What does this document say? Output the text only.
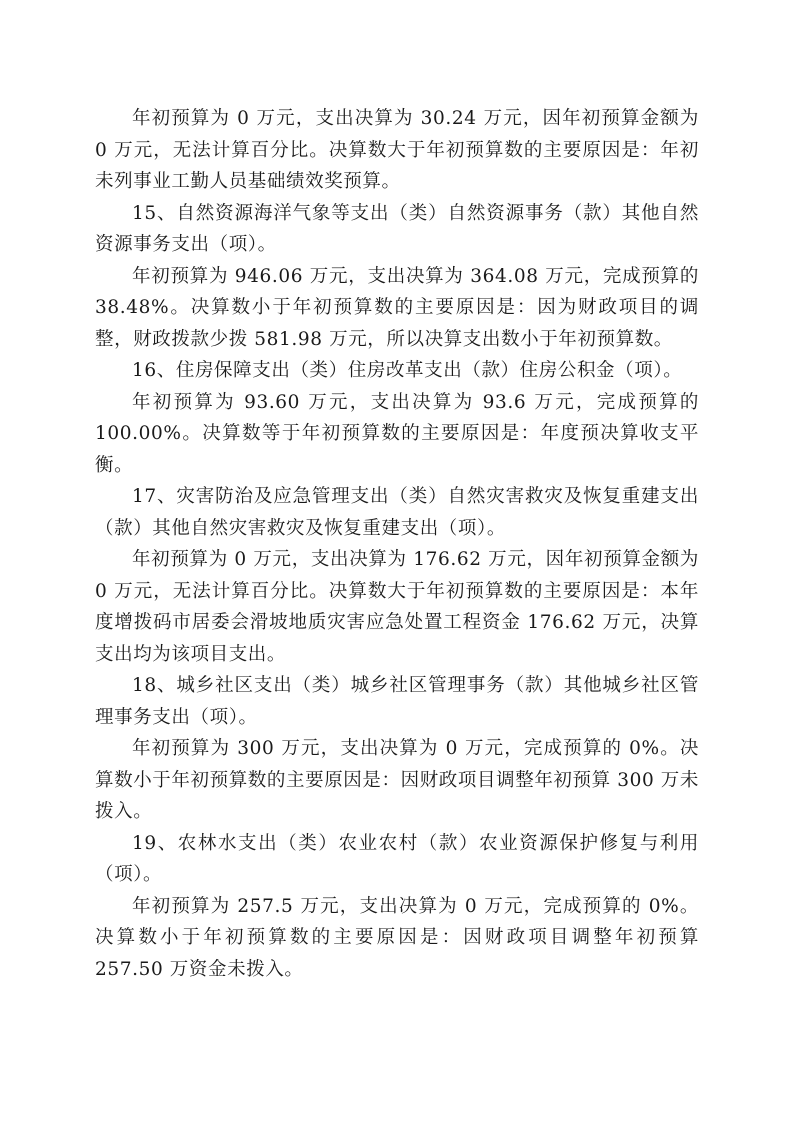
年初预算为 0 万元，支出决算为 30.24 万元，因年初预算金额为 0 万元，无法计算百分比。决算数大于年初预算数的主要原因是：年初未列事业工勤人员基础绩效奖预算。

15、自然资源海洋气象等支出（类）自然资源事务（款）其他自然资源事务支出（项）。

年初预算为 946.06 万元，支出决算为 364.08 万元，完成预算的 38.48%。决算数小于年初预算数的主要原因是：因为财政项目的调整，财政拨款少拨 581.98 万元，所以决算支出数小于年初预算数。

16、住房保障支出（类）住房改革支出（款）住房公积金（项）。

年初预算为 93.60 万元，支出决算为 93.6 万元，完成预算的 100.00%。决算数等于年初预算数的主要原因是：年度预决算收支平衡。

17、灾害防治及应急管理支出（类）自然灾害救灾及恢复重建支出（款）其他自然灾害救灾及恢复重建支出（项）。

年初预算为 0 万元，支出决算为 176.62 万元，因年初预算金额为 0 万元，无法计算百分比。决算数大于年初预算数的主要原因是：本年度增拨码市居委会滑坡地质灾害应急处置工程资金 176.62 万元，决算支出均为该项目支出。

18、城乡社区支出（类）城乡社区管理事务（款）其他城乡社区管理事务支出（项）。

年初预算为 300 万元，支出决算为 0 万元，完成预算的 0%。决算数小于年初预算数的主要原因是：因财政项目调整年初预算 300 万未拨入。

19、农林水支出（类）农业农村（款）农业资源保护修复与利用（项）。

年初预算为 257.5 万元，支出决算为 0 万元，完成预算的 0%。决算数小于年初预算数的主要原因是：因财政项目调整年初预算 257.50 万资金未拨入。
